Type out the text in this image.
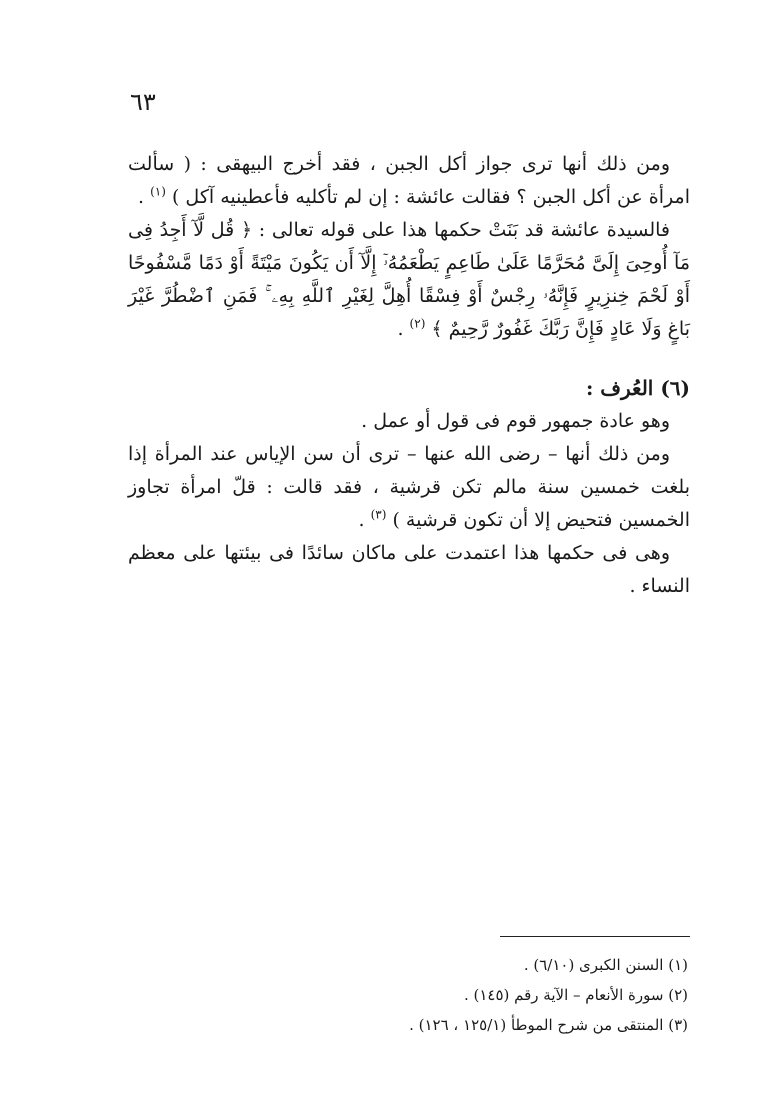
٦٣

ومن ذلك أنها ترى جواز أكل الجبن ، فقد أخرج البيهقى : ( سألت امرأة عن أكل الجبن ؟ فقالت عائشة : إن لم تأكليه فأعطينيه آكل ) $^{(١)}$ .

فالسيدة عائشة قد بَنَتْ حكمها هذا على قوله تعالى : ﴿ قُل لَّآ أَجِدُ فِى مَآ أُوحِىَ إِلَىَّ مُحَرَّمًا عَلَىٰ طَاعِمٍ يَطْعَمُهُۥٓ إِلَّآ أَن يَكُونَ مَيْتَةً أَوْ دَمًا مَّسْفُوحًا أَوْ لَحْمَ خِنزِيرٍ فَإِنَّهُۥ رِجْسٌ أَوْ فِسْقًا أُهِلَّ لِغَيْرِ ٱللَّهِ بِهِۦ ۚ فَمَنِ ٱضْطُرَّ غَيْرَ بَاغٍ وَلَا عَادٍ فَإِنَّ رَبَّكَ غَفُورٌ رَّحِيمٌ ﴾ $^{(٢)}$ .

(٦) العُرف :

وهو عادة جمهور قوم فى قول أو عمل .

ومن ذلك أنها – رضى الله عنها – ترى أن سن الإياس عند المرأة إذا بلغت خمسين سنة مالم تكن قرشية ، فقد قالت : قلّ امرأة تجاوز الخمسين فتحيض إلا أن تكون قرشية ) $^{(٣)}$ .

وهى فى حكمها هذا اعتمدت على ماكان سائدًا فى بيئتها على معظم النساء .

(١) السنن الكبرى (٦/١٠) .
(٢) سورة الأنعام – الآية رقم (١٤٥) .
(٣) المنتقى من شرح الموطأ (١٢٥/١ ، ١٢٦) .
